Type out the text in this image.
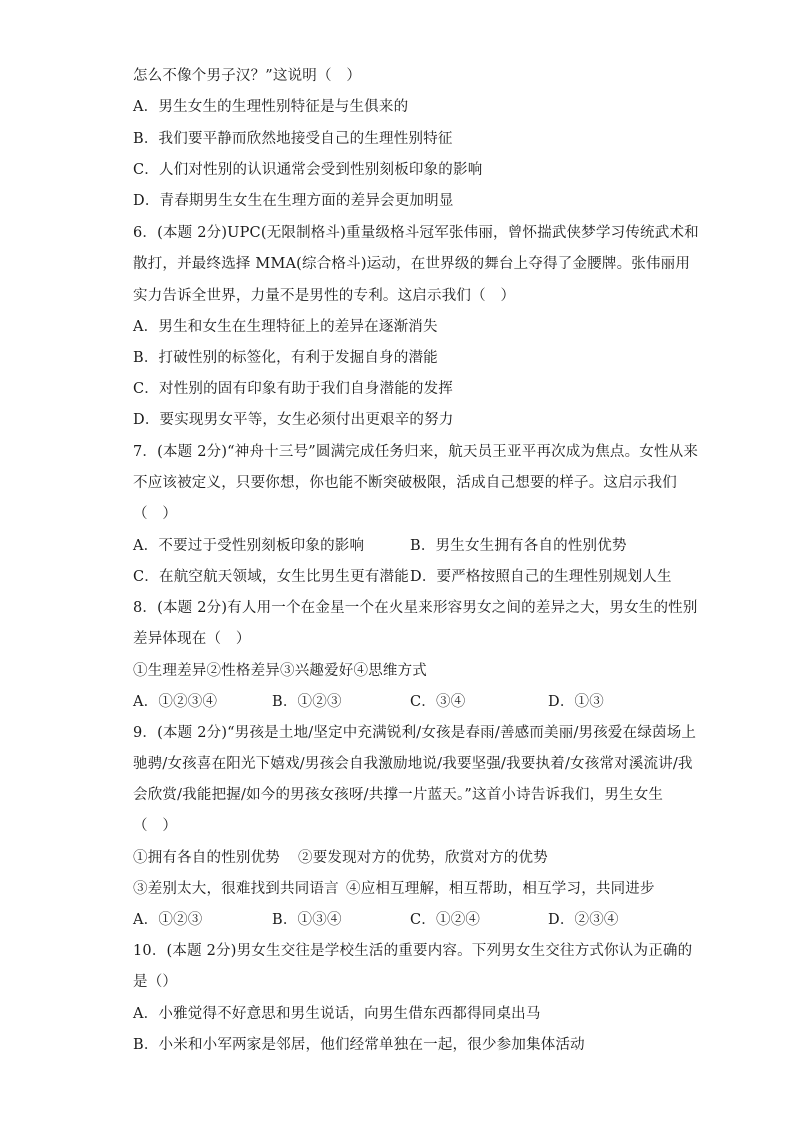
怎么不像个男子汉？”这说明（　）
A．男生女生的生理性别特征是与生俱来的
B．我们要平静而欣然地接受自己的生理性别特征
C．人们对性别的认识通常会受到性别刻板印象的影响
D．青春期男生女生在生理方面的差异会更加明显
6．(本题 2分)UPC(无限制格斗)重量级格斗冠军张伟丽，曾怀揣武侠梦学习传统武术和
散打，并最终选择 MMA(综合格斗)运动，在世界级的舞台上夺得了金腰牌。张伟丽用
实力告诉全世界，力量不是男性的专利。这启示我们（　）
A．男生和女生在生理特征上的差异在逐渐消失
B．打破性别的标签化，有利于发掘自身的潜能
C．对性别的固有印象有助于我们自身潜能的发挥
D．要实现男女平等，女生必须付出更艰辛的努力
7．(本题 2分)“神舟十三号”圆满完成任务归来，航天员王亚平再次成为焦点。女性从来
不应该被定义，只要你想，你也能不断突破极限，活成自己想要的样子。这启示我们
（　）
A．不要过于受性别刻板印象的影响	B．男生女生拥有各自的性别优势
C．在航空航天领域，女生比男生更有潜能 D．要严格按照自己的生理性别规划人生
8．(本题 2分)有人用一个在金星一个在火星来形容男女之间的差异之大，男女生的性别
差异体现在（　）
①生理差异②性格差异③兴趣爱好④思维方式
A．①②③④	B．①②③	C．③④	D．①③
9．(本题 2分)“男孩是土地/坚定中充满锐利/女孩是春雨/善感而美丽/男孩爱在绿茵场上
驰骋/女孩喜在阳光下嬉戏/男孩会自我激励地说/我要坚强/我要执着/女孩常对溪流讲/我
会欣赏/我能把握/如今的男孩女孩呀/共撑一片蓝天。”这首小诗告诉我们，男生女生
（　）
①拥有各自的性别优势 ②要发现对方的优势，欣赏对方的优势
③差别太大，很难找到共同语言 ④应相互理解，相互帮助，相互学习，共同进步
A．①②③	B．①③④	C．①②④	D．②③④
10．(本题 2分)男女生交往是学校生活的重要内容。下列男女生交往方式你认为正确的
是（）
A．小雅觉得不好意思和男生说话，向男生借东西都得同桌出马
B．小米和小军两家是邻居，他们经常单独在一起，很少参加集体活动
